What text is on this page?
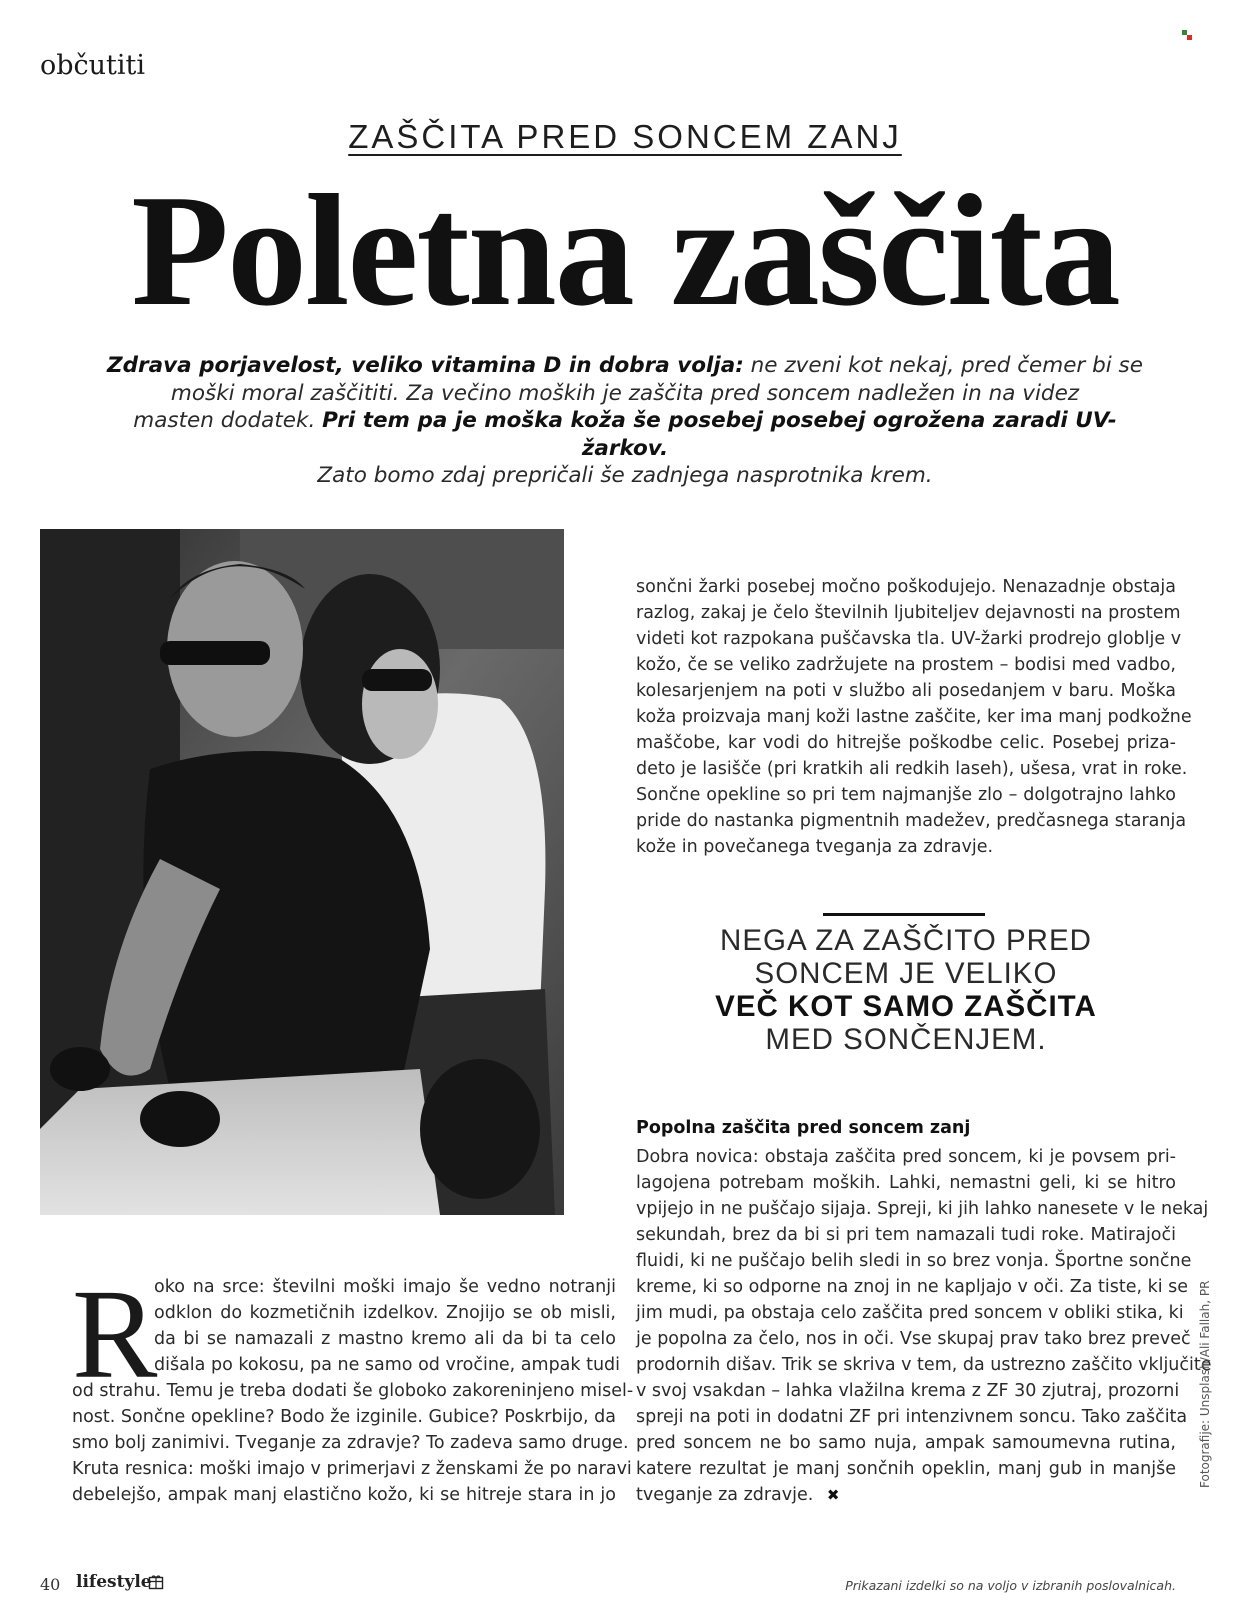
občutiti
ZAŠČITA PRED SONCEM ZANJ
Poletna zaščita
Zdrava porjavelost, veliko vitamina D in dobra volja: ne zveni kot nekaj, pred čemer bi se
moški moral zaščititi. Za večino moških je zaščita pred soncem nadležen in na videz
masten dodatek. Pri tem pa je moška koža še posebej posebej ogrožena zaradi UV-žarkov.
Zato bomo zdaj prepričali še zadnjega nasprotnika krem.
sončni žarki posebej močno poškodujejo. Nenazadnje obstaja
razlog, zakaj je čelo številnih ljubiteljev dejavnosti na prostem
videti kot razpokana puščavska tla. UV-žarki prodrejo globlje v
kožo, če se veliko zadržujete na prostem – bodisi med vadbo,
kolesarjenjem na poti v službo ali posedanjem v baru. Moška
koža proizvaja manj koži lastne zaščite, ker ima manj podkožne
maščobe, kar vodi do hitrejše poškodbe celic. Posebej priza-
deto je lasišče (pri kratkih ali redkih laseh), ušesa, vrat in roke.
Sončne opekline so pri tem najmanjše zlo – dolgotrajno lahko
pride do nastanka pigmentnih madežev, predčasnega staranja
kože in povečanega tveganja za zdravje.
NEGA ZA ZAŠČITO PRED
SONCEM JE VELIKO
VEČ KOT SAMO ZAŠČITA
MED SONČENJEM.
Popolna zaščita pred soncem zanj
Dobra novica: obstaja zaščita pred soncem, ki je povsem pri-
lagojena potrebam moških. Lahki, nemastni geli, ki se hitro
vpijejo in ne puščajo sijaja. Spreji, ki jih lahko nanesete v le nekaj
sekundah, brez da bi si pri tem namazali tudi roke. Matirajoči
fluidi, ki ne puščajo belih sledi in so brez vonja. Športne sončne
kreme, ki so odporne na znoj in ne kapljajo v oči. Za tiste, ki se
jim mudi, pa obstaja celo zaščita pred soncem v obliki stika, ki
je popolna za čelo, nos in oči. Vse skupaj prav tako brez preveč
prodornih dišav. Trik se skriva v tem, da ustrezno zaščito vključite
v svoj vsakdan – lahka vlažilna krema z ZF 30 zjutraj, prozorni
spreji na poti in dodatni ZF pri intenzivnem soncu. Tako zaščita
pred soncem ne bo samo nuja, ampak samoumevna rutina,
katere rezultat je manj sončnih opeklin, manj gub in manjše
tveganje za zdravje. ✖
R
oko na srce: številni moški imajo še vedno notranji
odklon do kozmetičnih izdelkov. Znojijo se ob misli,
da bi se namazali z mastno kremo ali da bi ta celo
dišala po kokosu, pa ne samo od vročine, ampak tudi
od strahu. Temu je treba dodati še globoko zakoreninjeno misel-
nost. Sončne opekline? Bodo že izginile. Gubice? Poskrbijo, da
smo bolj zanimivi. Tveganje za zdravje? To zadeva samo druge.
Kruta resnica: moški imajo v primerjavi z ženskami že po naravi
debelejšo, ampak manj elastično kožo, ki se hitreje stara in jo
Fotografije: Unsplash/Ali Fallah, PR
40 lifestyle	Prikazani izdelki so na voljo v izbranih poslovalnicah.
